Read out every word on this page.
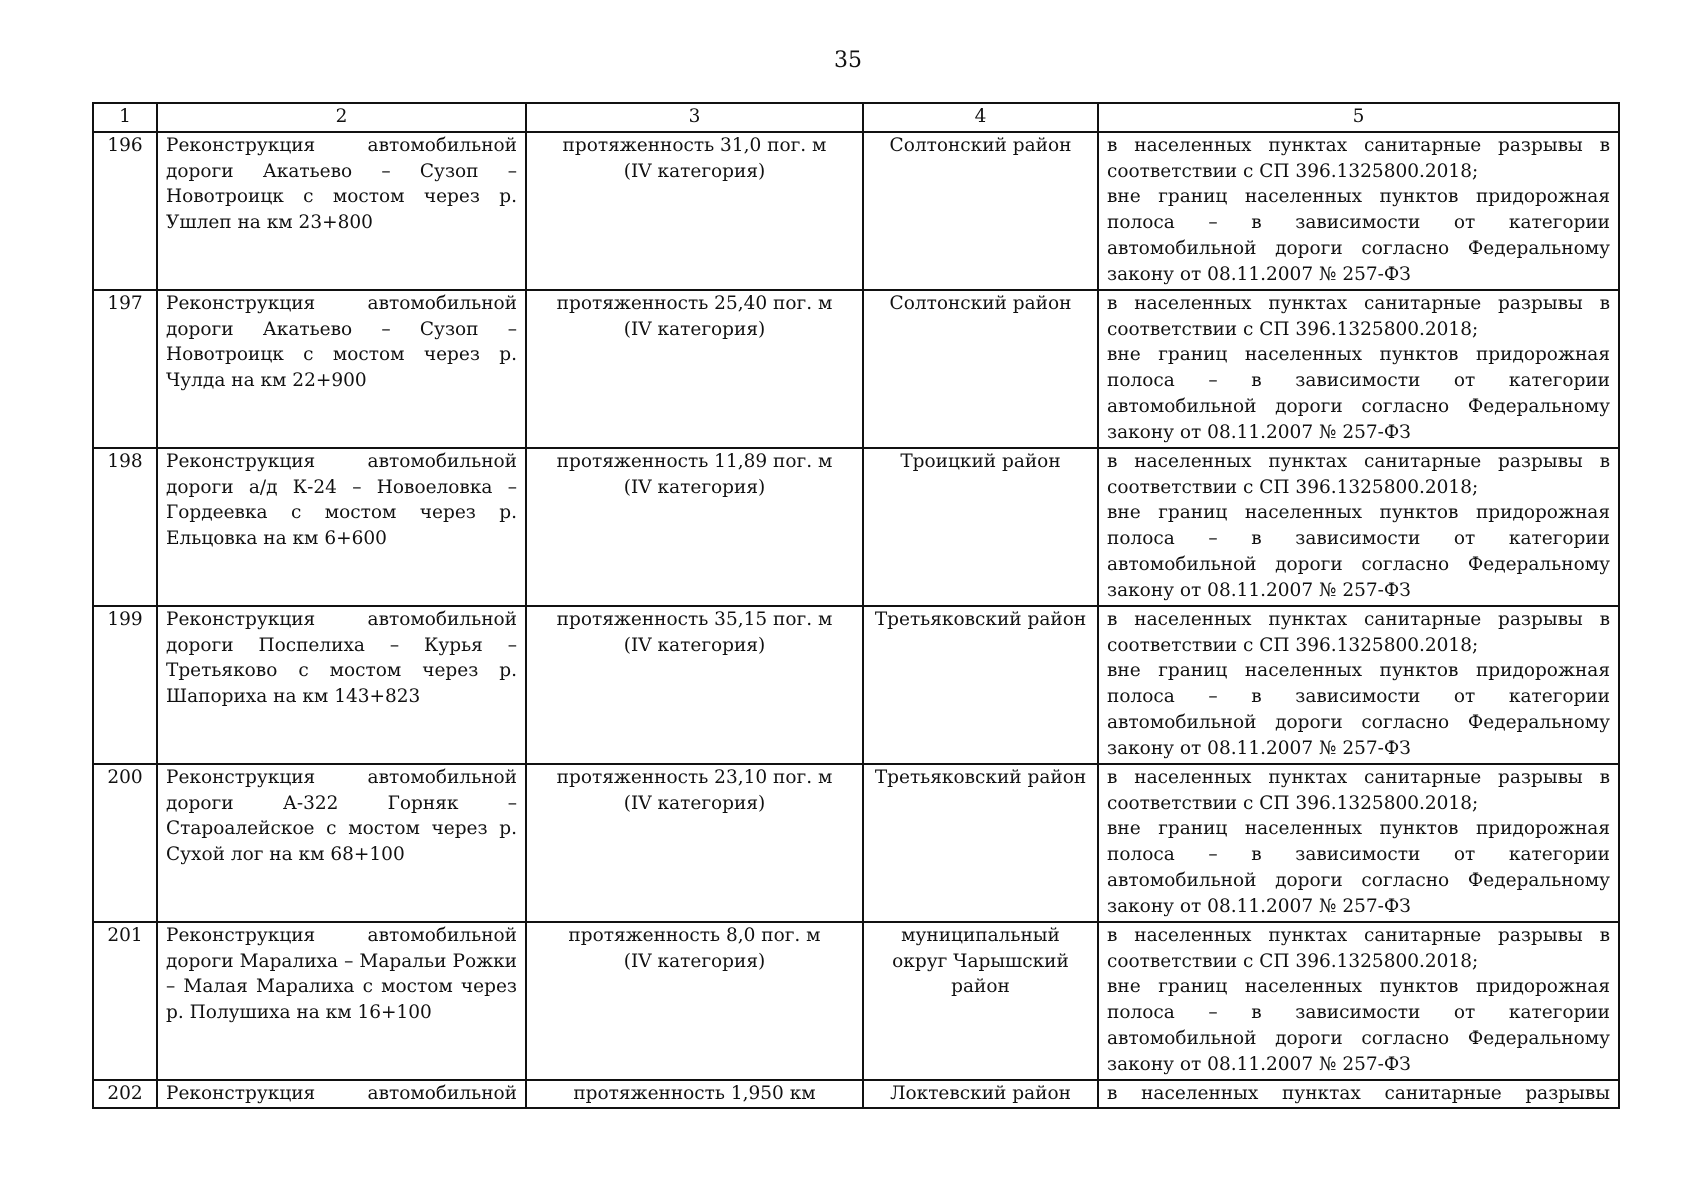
35
1	2	3	4	5
196	Реконструкция автомобильной дороги Акатьево – Сузоп – Новотроицк с мостом через р. Ушлеп на км 23+800	протяженность 31,0 пог. м
(IV категория)	Солтонский район	в населенных пунктах санитарные разрывы в соответствии с СП 396.1325800.2018;
вне границ населенных пунктов придорожная полоса – в зависимости от категории автомобильной дороги согласно Федеральному закону от 08.11.2007 № 257-ФЗ

197	Реконструкция автомобильной дороги Акатьево – Сузоп – Новотроицк с мостом через р. Чулда на км 22+900	протяженность 25,40 пог. м
(IV категория)	Солтонский район	в населенных пунктах санитарные разрывы в соответствии с СП 396.1325800.2018;
вне границ населенных пунктов придорожная полоса – в зависимости от категории автомобильной дороги согласно Федеральному закону от 08.11.2007 № 257-ФЗ

198	Реконструкция автомобильной дороги а/д К-24 – Новоеловка – Гордеевка с мостом через р. Ельцовка на км 6+600	протяженность 11,89 пог. м
(IV категория)	Троицкий район	в населенных пунктах санитарные разрывы в соответствии с СП 396.1325800.2018;
вне границ населенных пунктов придорожная полоса – в зависимости от категории автомобильной дороги согласно Федеральному закону от 08.11.2007 № 257-ФЗ

199	Реконструкция автомобильной дороги Поспелиха – Курья – Третьяково с мостом через р. Шапориха на км 143+823	протяженность 35,15 пог. м
(IV категория)	Третьяковский район	в населенных пунктах санитарные разрывы в соответствии с СП 396.1325800.2018;
вне границ населенных пунктов придорожная полоса – в зависимости от категории автомобильной дороги согласно Федеральному закону от 08.11.2007 № 257-ФЗ

200	Реконструкция автомобильной дороги А-322 Горняк – Староалейское с мостом через р. Сухой лог на км 68+100	протяженность 23,10 пог. м
(IV категория)	Третьяковский район	в населенных пунктах санитарные разрывы в соответствии с СП 396.1325800.2018;
вне границ населенных пунктов придорожная полоса – в зависимости от категории автомобильной дороги согласно Федеральному закону от 08.11.2007 № 257-ФЗ

201	Реконструкция автомобильной дороги Маралиха – Маральи Рожки – Малая Маралиха с мостом через р. Полушиха на км 16+100	протяженность 8,0 пог. м
(IV категория)	муниципальный округ Чарышский район	в населенных пунктах санитарные разрывы в соответствии с СП 396.1325800.2018;
вне границ населенных пунктов придорожная полоса – в зависимости от категории автомобильной дороги согласно Федеральному закону от 08.11.2007 № 257-ФЗ

202	Реконструкция автомобильной	протяженность 1,950 км	Локтевский район	в населенных пунктах санитарные разрывы
